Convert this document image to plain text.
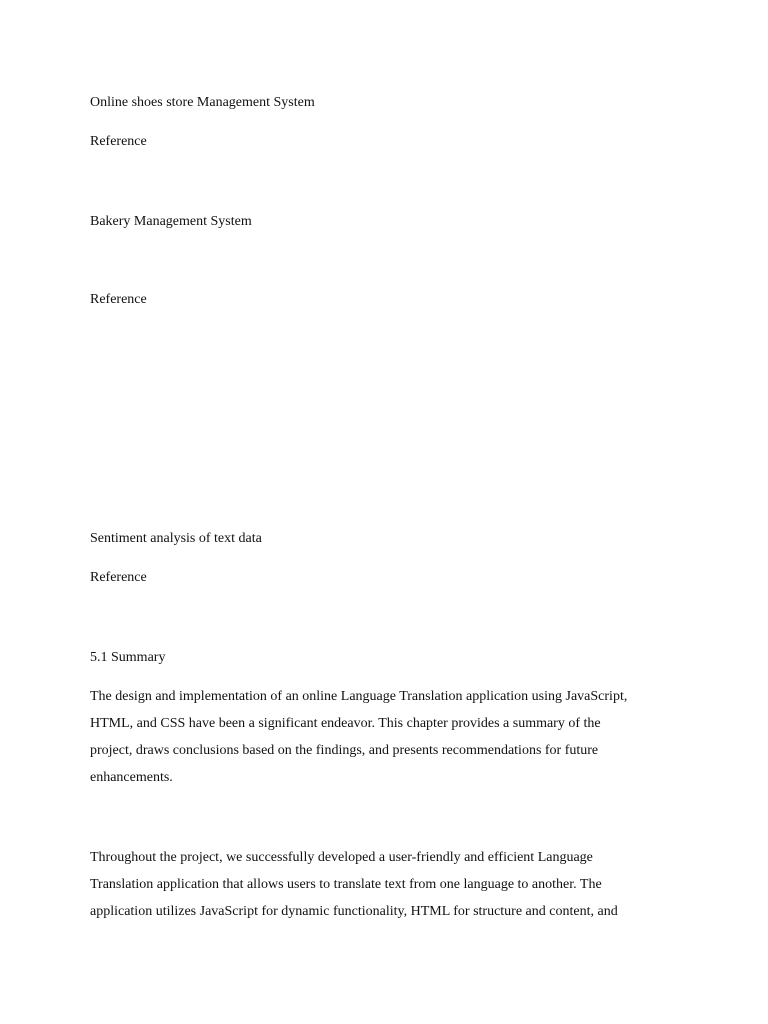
Online shoes store Management System
Reference
Bakery Management System
Reference
Sentiment analysis of text data
Reference
5.1 Summary
The design and implementation of an online Language Translation application using JavaScript,
HTML, and CSS have been a significant endeavor. This chapter provides a summary of the
project, draws conclusions based on the findings, and presents recommendations for future
enhancements.
Throughout the project, we successfully developed a user-friendly and efficient Language
Translation application that allows users to translate text from one language to another. The
application utilizes JavaScript for dynamic functionality, HTML for structure and content, and
